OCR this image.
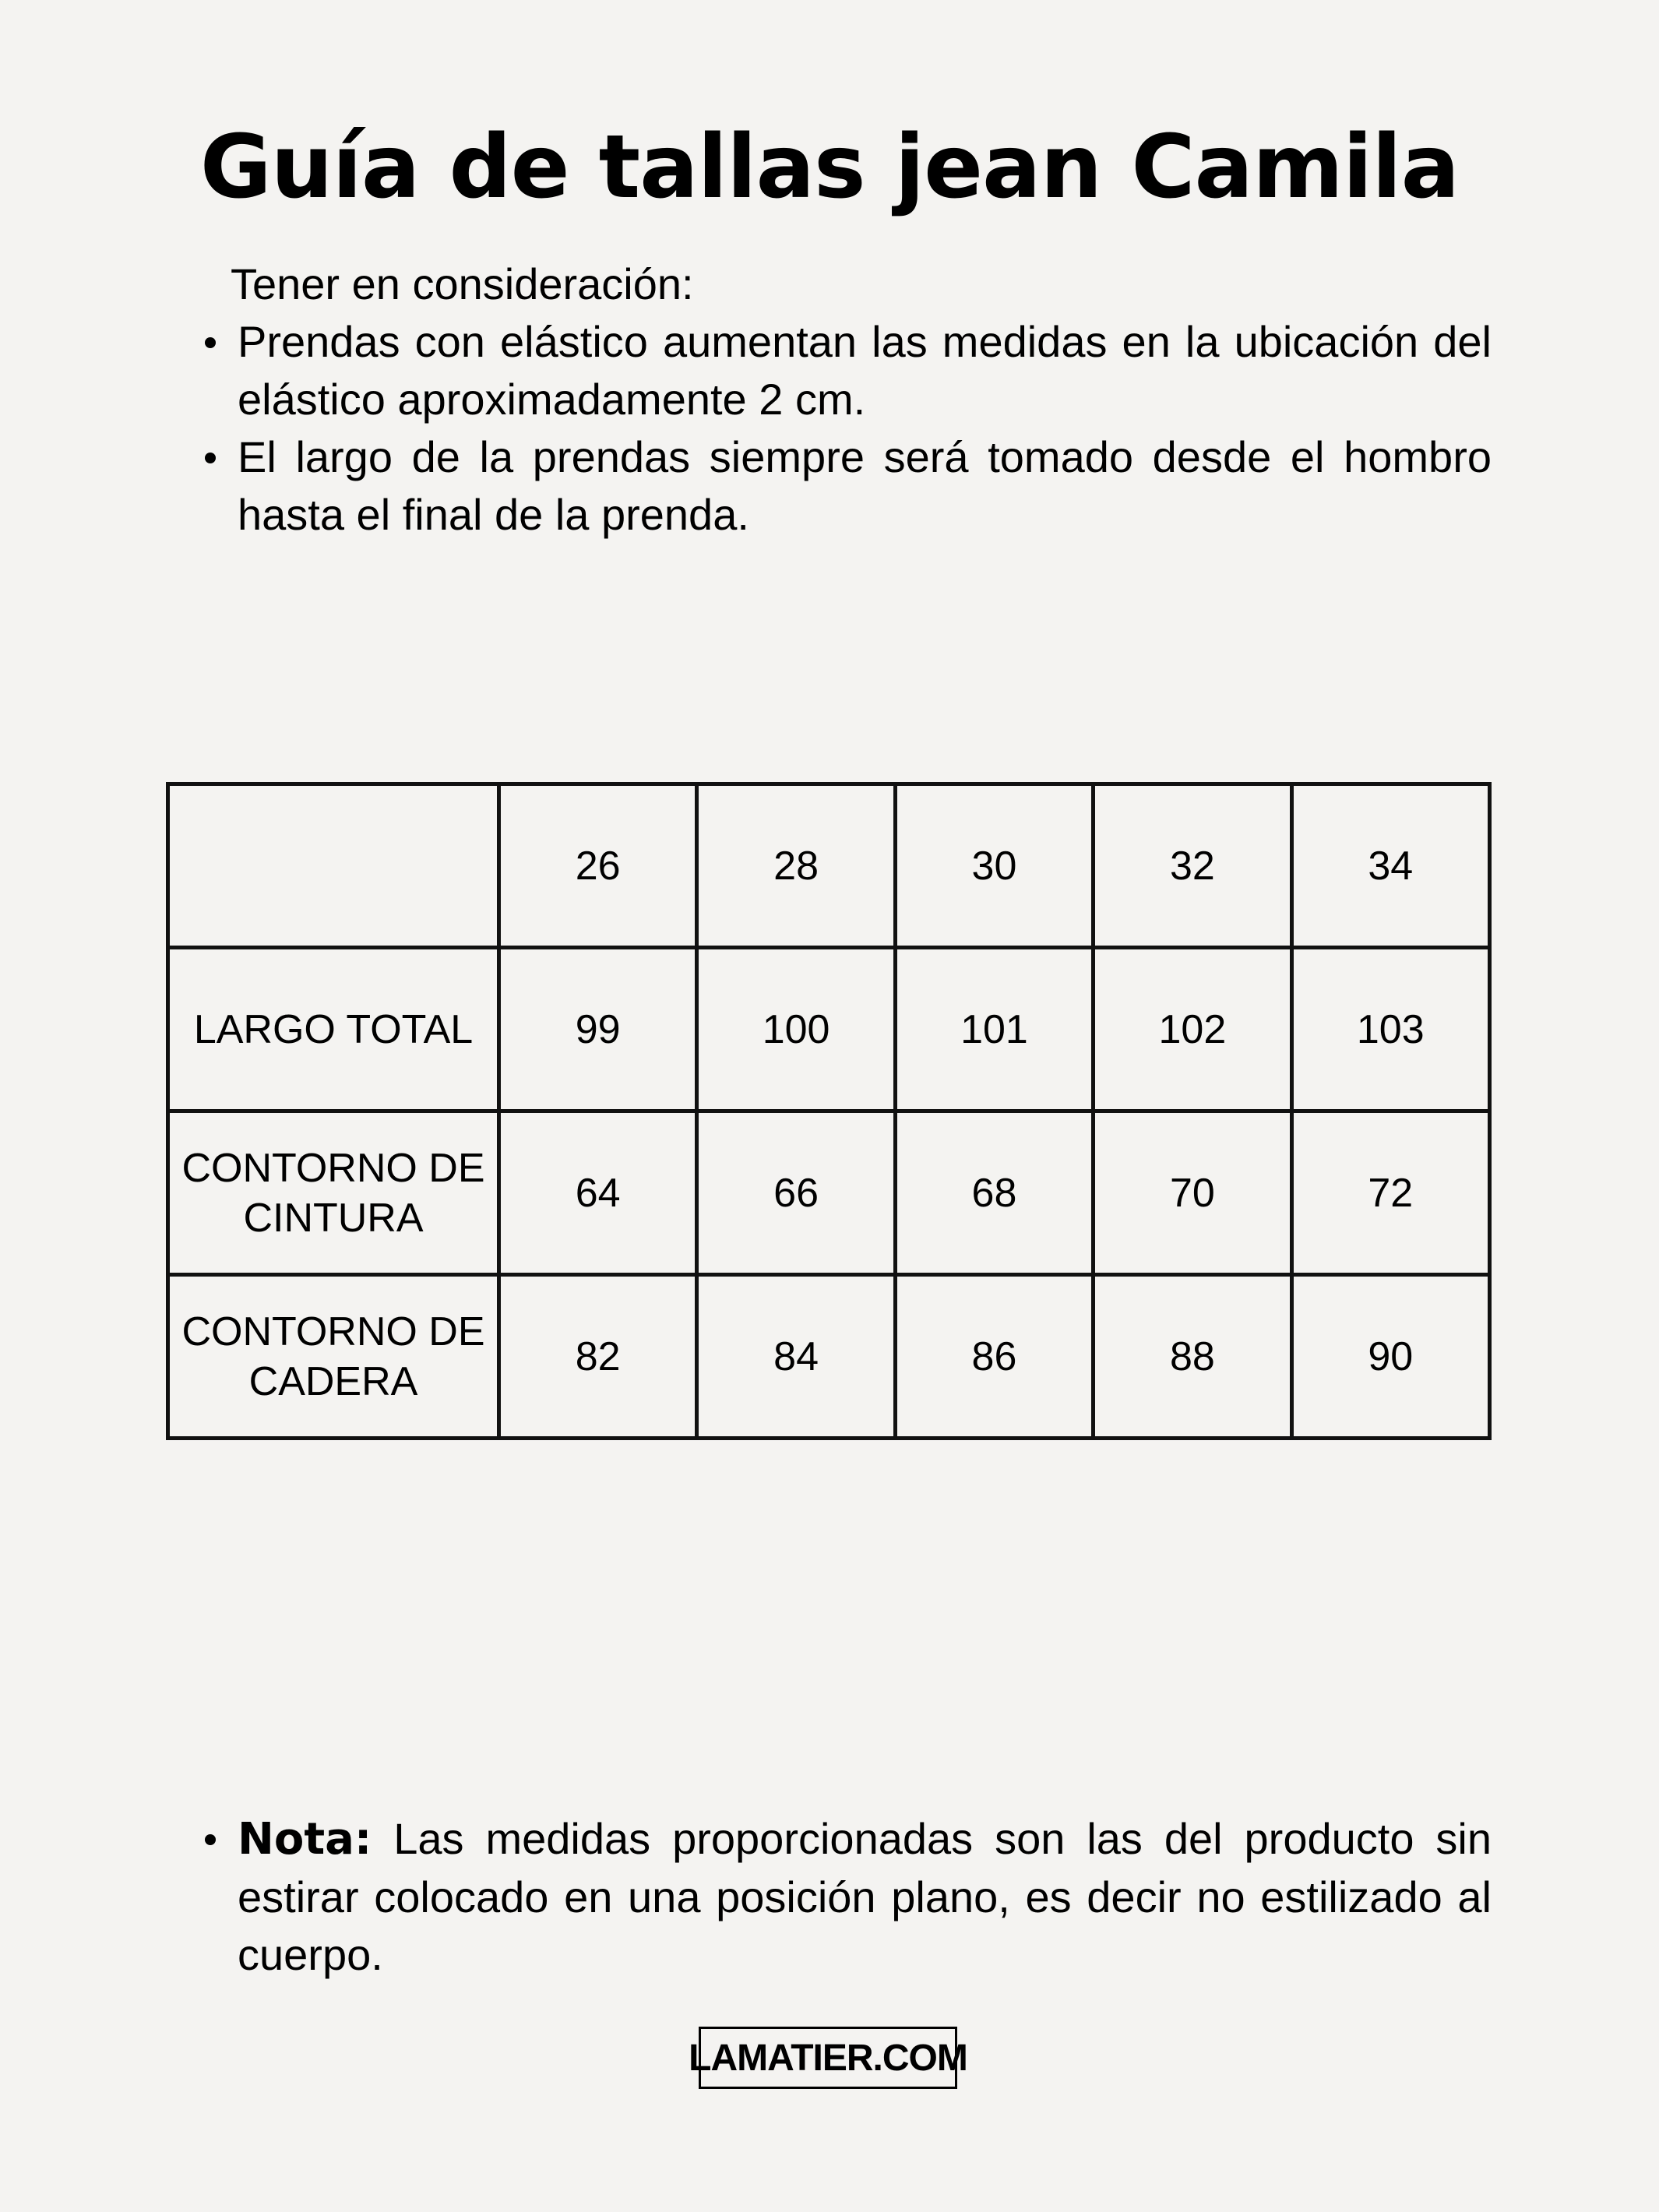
Guía de tallas jean Camila

Tener en consideración:

Prendas con elástico aumentan las medidas en la ubicación del elástico aproximadamente 2 cm.
El largo de la prendas siempre será tomado desde el hombro hasta el final de la prenda.
	26	28	30	32	34
LARGO TOTAL	99	100	101	102	103
CONTORNO DE CINTURA	64	66	68	70	72
CONTORNO DE CADERA	82	84	86	88	90
Nota: Las medidas proporcionadas son las del producto sin estirar colocado en una posición plano, es decir no estilizado al cuerpo.
LAMATIER.COM
